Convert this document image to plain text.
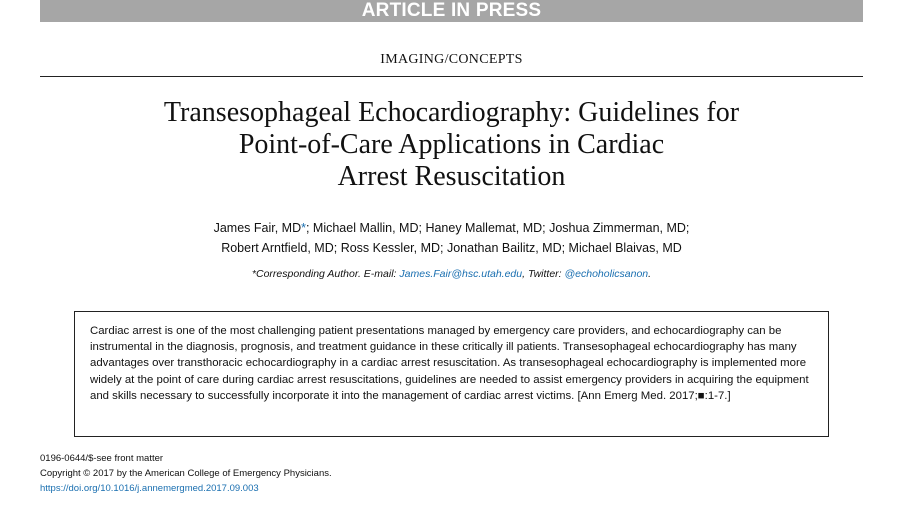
ARTICLE IN PRESS
IMAGING/CONCEPTS
Transesophageal Echocardiography: Guidelines for
Point-of-Care Applications in Cardiac
Arrest Resuscitation
James Fair, MD*; Michael Mallin, MD; Haney Mallemat, MD; Joshua Zimmerman, MD;
Robert Arntfield, MD; Ross Kessler, MD; Jonathan Bailitz, MD; Michael Blaivas, MD
*Corresponding Author. E-mail: James.Fair@hsc.utah.edu, Twitter: @echoholicsanon.

Cardiac arrest is one of the most challenging patient presentations managed by emergency care providers, and echocardiography can be instrumental in the diagnosis, prognosis, and treatment guidance in these critically ill patients. Transesophageal echocardiography has many advantages over transthoracic echocardiography in a cardiac arrest resuscitation. As transesophageal echocardiography is implemented more widely at the point of care during cardiac arrest resuscitations, guidelines are needed to assist emergency providers in acquiring the equipment and skills necessary to successfully incorporate it into the management of cardiac arrest victims. [Ann Emerg Med. 2017;■:1-7.]

0196-0644/$-see front matter
Copyright © 2017 by the American College of Emergency Physicians.
https://doi.org/10.1016/j.annemergmed.2017.09.003
